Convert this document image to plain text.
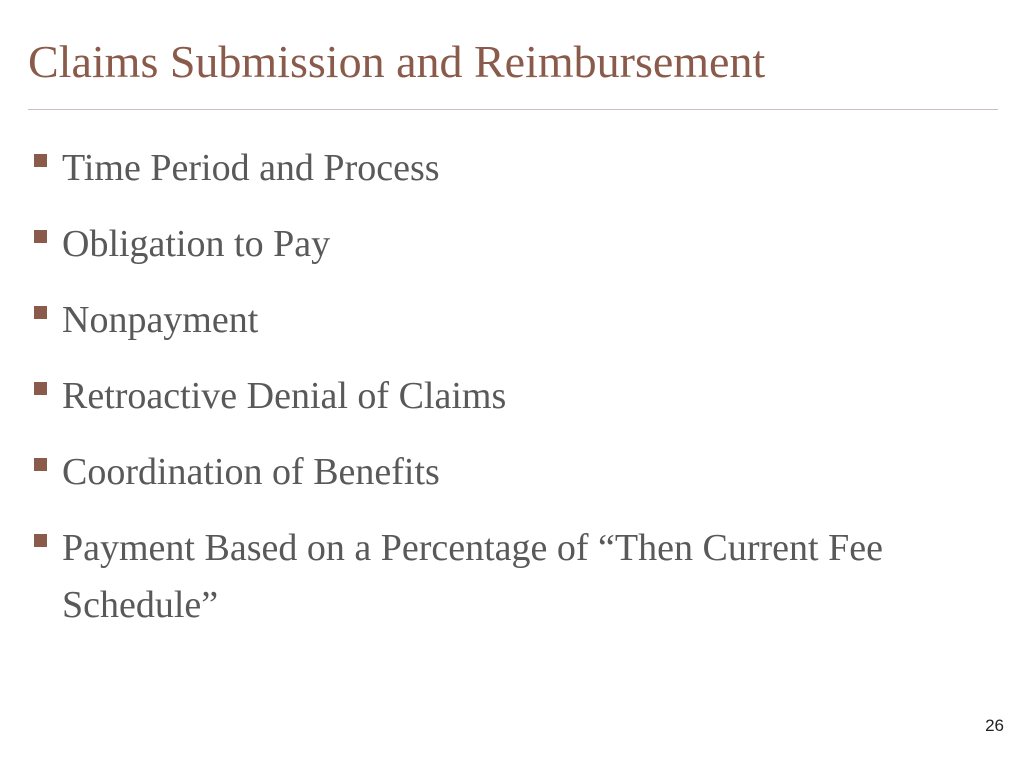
Claims Submission and Reimbursement
Time Period and Process
Obligation to Pay
Nonpayment
Retroactive Denial of Claims
Coordination of Benefits
Payment Based on a Percentage of “Then Current Fee Schedule”
26
